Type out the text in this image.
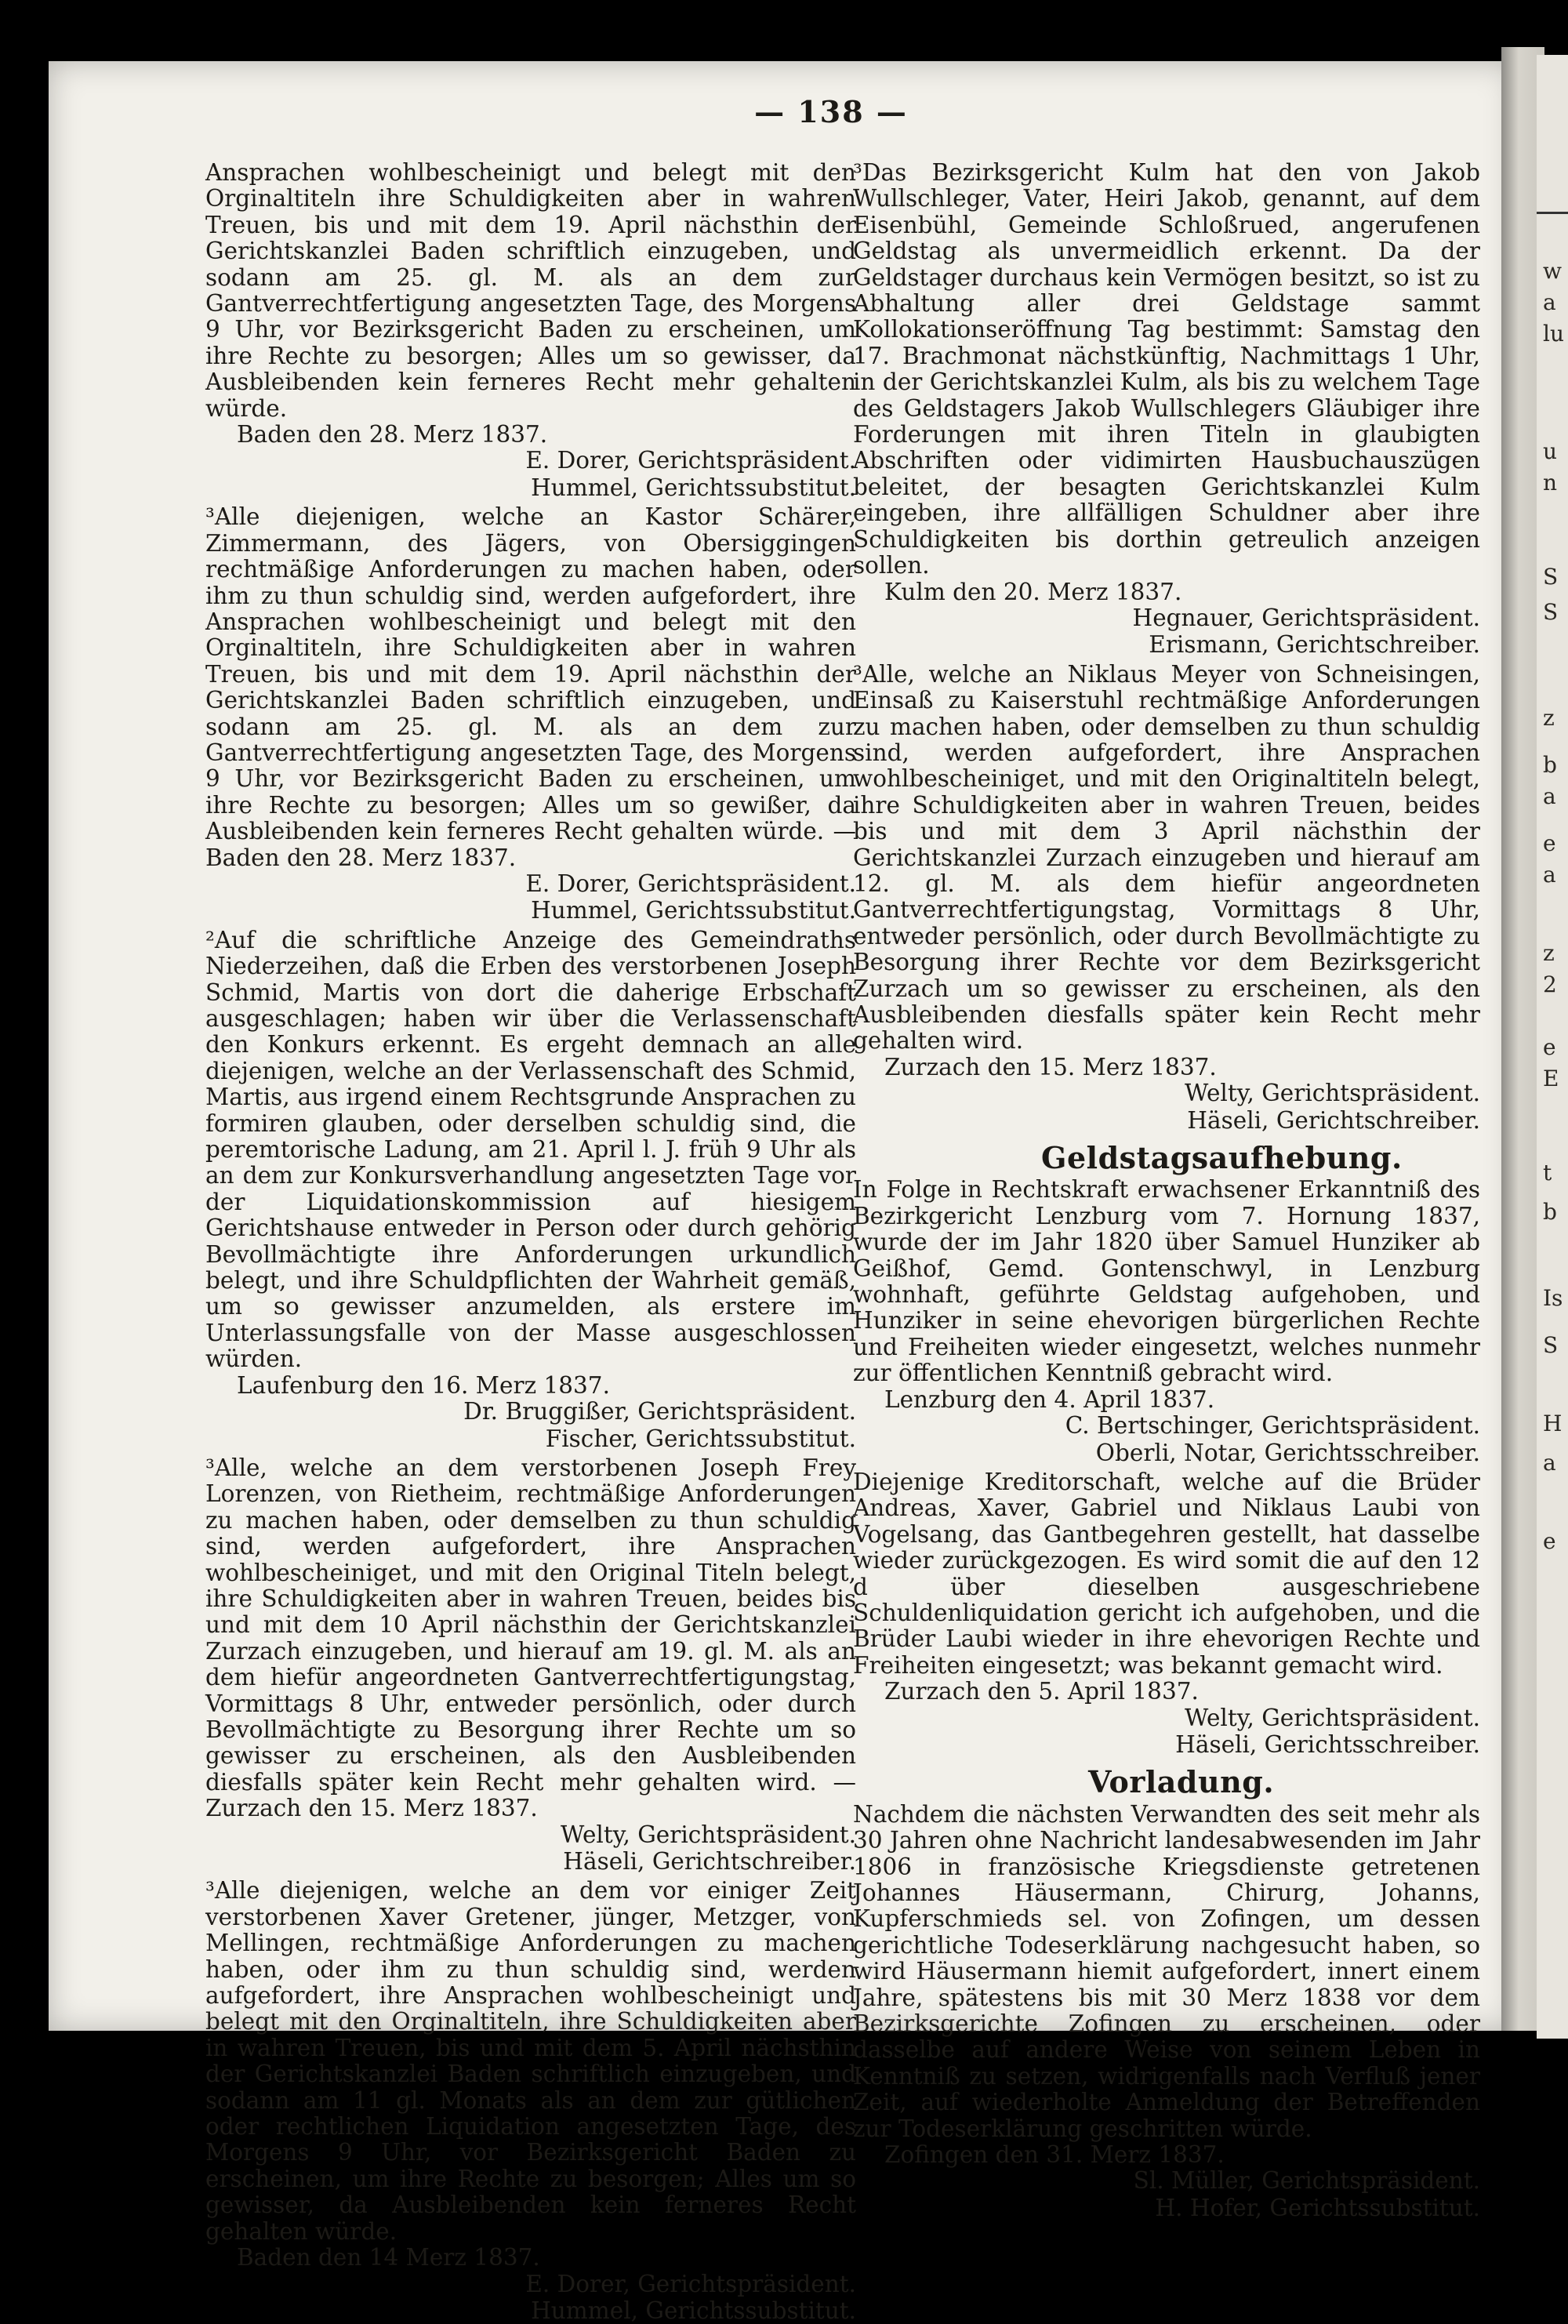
w
a
lu
u
n
S
S
z
b
a
e
a
z
2
e
E
t
b
Is
S
H
a
e
— 138 —

Ansprachen wohlbescheinigt und belegt mit den Orginaltiteln ihre Schuldigkeiten aber in wahren Treuen, bis und mit dem 19. April nächsthin der Gerichtskanzlei Baden schriftlich einzugeben, und sodann am 25. gl. M. als an dem zur Gantverrechtfertigung angesetzten Tage, des Morgens 9 Uhr, vor Bezirksgericht Baden zu erscheinen, um ihre Rechte zu besorgen; Alles um so gewisser, da Ausbleibenden kein ferneres Recht mehr gehalten würde.

Baden den 28. Merz 1837.

E. Dorer, Gerichtspräsident.

Hummel, Gerichtssubstitut.

³Alle diejenigen, welche an Kastor Schärer, Zimmermann, des Jägers, von Obersiggingen rechtmäßige Anforderungen zu machen haben, oder ihm zu thun schuldig sind, werden aufgefordert, ihre Ansprachen wohlbescheinigt und belegt mit den Orginaltiteln, ihre Schuldigkeiten aber in wahren Treuen, bis und mit dem 19. April nächsthin der Gerichtskanzlei Baden schriftlich einzugeben, und sodann am 25. gl. M. als an dem zur Gantverrechtfertigung angesetzten Tage, des Morgens 9 Uhr, vor Bezirksgericht Baden zu erscheinen, um ihre Rechte zu besorgen; Alles um so gewißer, da Ausbleibenden kein ferneres Recht gehalten würde. — Baden den 28. Merz 1837.

E. Dorer, Gerichtspräsident.

Hummel, Gerichtssubstitut.

²Auf die schriftliche Anzeige des Gemeindraths Niederzeihen, daß die Erben des verstorbenen Joseph Schmid, Martis von dort die daherige Erbschaft ausgeschlagen; haben wir über die Verlassenschaft den Konkurs erkennt. Es ergeht demnach an alle diejenigen, welche an der Verlassenschaft des Schmid, Martis, aus irgend einem Rechtsgrunde Ansprachen zu formiren glauben, oder derselben schuldig sind, die peremtorische Ladung, am 21. April l. J. früh 9 Uhr als an dem zur Konkursverhandlung angesetzten Tage vor der Liquidationskommission auf hiesigem Gerichtshause entweder in Person oder durch gehörig Bevollmächtigte ihre Anforderungen urkundlich belegt, und ihre Schuldpflichten der Wahrheit gemäß, um so gewisser anzumelden, als erstere im Unterlassungsfalle von der Masse ausgeschlossen würden.

Laufenburg den 16. Merz 1837.

Dr. Bruggißer, Gerichtspräsident.

Fischer, Gerichtssubstitut.

³Alle, welche an dem verstorbenen Joseph Frey Lorenzen, von Rietheim, rechtmäßige Anforderungen zu machen haben, oder demselben zu thun schuldig sind, werden aufgefordert, ihre Ansprachen wohlbescheiniget, und mit den Original Titeln belegt, ihre Schuldigkeiten aber in wahren Treuen, beides bis und mit dem 10 April nächsthin der Gerichtskanzlei Zurzach einzugeben, und hierauf am 19. gl. M. als an dem hiefür angeordneten Gantverrechtfertigungstag, Vormittags 8 Uhr, entweder persönlich, oder durch Bevollmächtigte zu Besorgung ihrer Rechte um so gewisser zu erscheinen, als den Ausbleibenden diesfalls später kein Recht mehr gehalten wird. — Zurzach den 15. Merz 1837.

Welty, Gerichtspräsident.

Häseli, Gerichtschreiber.

³Alle diejenigen, welche an dem vor einiger Zeit verstorbenen Xaver Gretener, jünger, Metzger, von Mellingen, rechtmäßige Anforderungen zu machen haben, oder ihm zu thun schuldig sind, werden aufgefordert, ihre Ansprachen wohlbescheinigt und belegt mit den Orginaltiteln, ihre Schuldigkeiten aber in wahren Treuen, bis und mit dem 5. April nächsthin der Gerichtskanzlei Baden schriftlich einzugeben, und sodann am 11 gl. Monats als an dem zur gütlichen oder rechtlichen Liquidation angesetzten Tage, des Morgens 9 Uhr, vor Bezirksgericht Baden zu erscheinen, um ihre Rechte zu besorgen; Alles um so gewisser, da Ausbleibenden kein ferneres Recht gehalten würde.

Baden den 14 Merz 1837.

E. Dorer, Gerichtspräsident.

Hummel, Gerichtssubstitut.

³Das Bezirksgericht Kulm hat den von Jakob Wullschleger, Vater, Heiri Jakob, genannt, auf dem Eisenbühl, Gemeinde Schloßrued, angerufenen Geldstag als unvermeidlich erkennt. Da der Geldstager durchaus kein Vermögen besitzt, so ist zu Abhaltung aller drei Geldstage sammt Kollokationseröffnung Tag bestimmt: Samstag den 17. Brachmonat nächstkünftig, Nachmittags 1 Uhr, in der Gerichtskanzlei Kulm, als bis zu welchem Tage des Geldstagers Jakob Wullschlegers Gläubiger ihre Forderungen mit ihren Titeln in glaubigten Abschriften oder vidimirten Hausbuchauszügen beleitet, der besagten Gerichtskanzlei Kulm eingeben, ihre allfälligen Schuldner aber ihre Schuldigkeiten bis dorthin getreulich anzeigen sollen.

Kulm den 20. Merz 1837.

Hegnauer, Gerichtspräsident.

Erismann, Gerichtschreiber.

³Alle, welche an Niklaus Meyer von Schneisingen, Einsaß zu Kaiserstuhl rechtmäßige Anforderungen zu machen haben, oder demselben zu thun schuldig sind, werden aufgefordert, ihre Ansprachen wohlbescheiniget, und mit den Originaltiteln belegt, ihre Schuldigkeiten aber in wahren Treuen, beides bis und mit dem 3 April nächsthin der Gerichtskanzlei Zurzach einzugeben und hierauf am 12. gl. M. als dem hiefür angeordneten Gantverrechtfertigungstag, Vormittags 8 Uhr, entweder persönlich, oder durch Bevollmächtigte zu Besorgung ihrer Rechte vor dem Bezirksgericht Zurzach um so gewisser zu erscheinen, als den Ausbleibenden diesfalls später kein Recht mehr gehalten wird.

Zurzach den 15. Merz 1837.

Welty, Gerichtspräsident.

Häseli, Gerichtschreiber.

Geldstagsaufhebung.

In Folge in Rechtskraft erwachsener Erkanntniß des Bezirkgericht Lenzburg vom 7. Hornung 1837, wurde der im Jahr 1820 über Samuel Hunziker ab Geißhof, Gemd. Gontenschwyl, in Lenzburg wohnhaft, geführte Geldstag aufgehoben, und Hunziker in seine ehevorigen bürgerlichen Rechte und Freiheiten wieder eingesetzt, welches nunmehr zur öffentlichen Kenntniß gebracht wird.

Lenzburg den 4. April 1837.

C. Bertschinger, Gerichtspräsident.

Oberli, Notar, Gerichtsschreiber.

Diejenige Kreditorschaft, welche auf die Brüder Andreas, Xaver, Gabriel und Niklaus Laubi von Vogelsang, das Gantbegehren gestellt, hat dasselbe wieder zurückgezogen. Es wird somit die auf den 12 d über dieselben ausgeschriebene Schuldenliquidation gericht ich aufgehoben, und die Brüder Laubi wieder in ihre ehevorigen Rechte und Freiheiten eingesetzt; was bekannt gemacht wird.

Zurzach den 5. April 1837.

Welty, Gerichtspräsident.

Häseli, Gerichtsschreiber.

Vorladung.

Nachdem die nächsten Verwandten des seit mehr als 30 Jahren ohne Nachricht landesabwesenden im Jahr 1806 in französische Kriegsdienste getretenen Johannes Häusermann, Chirurg, Johanns, Kupferschmieds sel. von Zofingen, um dessen gerichtliche Todeserklärung nachgesucht haben, so wird Häusermann hiemit aufgefordert, innert einem Jahre, spätestens bis mit 30 Merz 1838 vor dem Bezirksgerichte Zofingen zu erscheinen, oder dasselbe auf andere Weise von seinem Leben in Kenntniß zu setzen, widrigenfalls nach Verfluß jener Zeit, auf wiederholte Anmeldung der Betreffenden zur Todeserklärung geschritten würde.

Zofingen den 31. Merz 1837.

Sl. Müller, Gerichtspräsident.

H. Hofer, Gerichtssubstitut.
